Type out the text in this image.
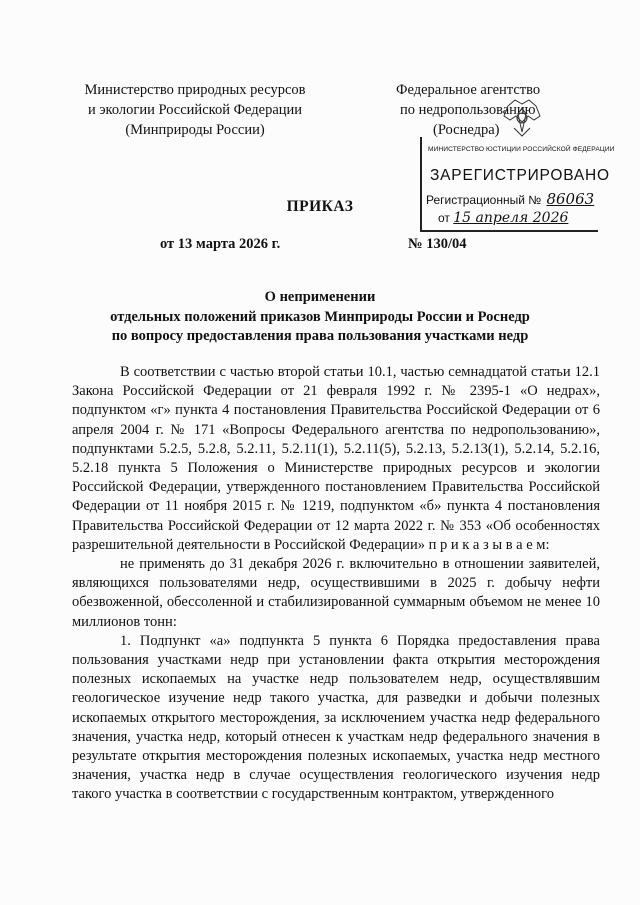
Министерство природных ресурсов
и экологии Российской Федерации
(Минприроды России)
Федеральное агентство
по недропользованию
(Роснедра)
МИНИСТЕРСТВО ЮСТИЦИИ РОССИЙСКОЙ ФЕДЕРАЦИИ
ЗАРЕГИСТРИРОВАНО
Регистрационный № 86063
от 15 апреля 2026
ПРИКАЗ
от 13 марта 2026 г.	№ 130/04
О неприменении
отдельных положений приказов Минприроды России и Роснедр
по вопросу предоставления права пользования участками недр

В соответствии с частью второй статьи 10.1, частью семнадцатой статьи 12.1 Закона Российской Федерации от 21 февраля 1992 г. № 2395-1 «О недрах», подпунктом «г» пункта 4 постановления Правительства Российской Федерации от 6 апреля 2004 г. № 171 «Вопросы Федерального агентства по недропользованию», подпунктами 5.2.5, 5.2.8, 5.2.11, 5.2.11(1), 5.2.11(5), 5.2.13, 5.2.13(1), 5.2.14, 5.2.16, 5.2.18 пункта 5 Положения о Министерстве природных ресурсов и экологии Российской Федерации, утвержденного постановлением Правительства Российской Федерации от 11 ноября 2015 г. № 1219, подпунктом «б» пункта 4 постановления Правительства Российской Федерации от 12 марта 2022 г. № 353 «Об особенностях разрешительной деятельности в Российской Федерации» п р и к а з ы в а е м:

не применять до 31 декабря 2026 г. включительно в отношении заявителей, являющихся пользователями недр, осуществившими в 2025 г. добычу нефти обезвоженной, обессоленной и стабилизированной суммарным объемом не менее 10 миллионов тонн:

1. Подпункт «а» подпункта 5 пункта 6 Порядка предоставления права пользования участками недр при установлении факта открытия месторождения полезных ископаемых на участке недр пользователем недр, осуществлявшим геологическое изучение недр такого участка, для разведки и добычи полезных ископаемых открытого месторождения, за исключением участка недр федерального значения, участка недр, который отнесен к участкам недр федерального значения в результате открытия месторождения полезных ископаемых, участка недр местного значения, участка недр в случае осуществления геологического изучения недр такого участка в соответствии с государственным контрактом, утвержденного
